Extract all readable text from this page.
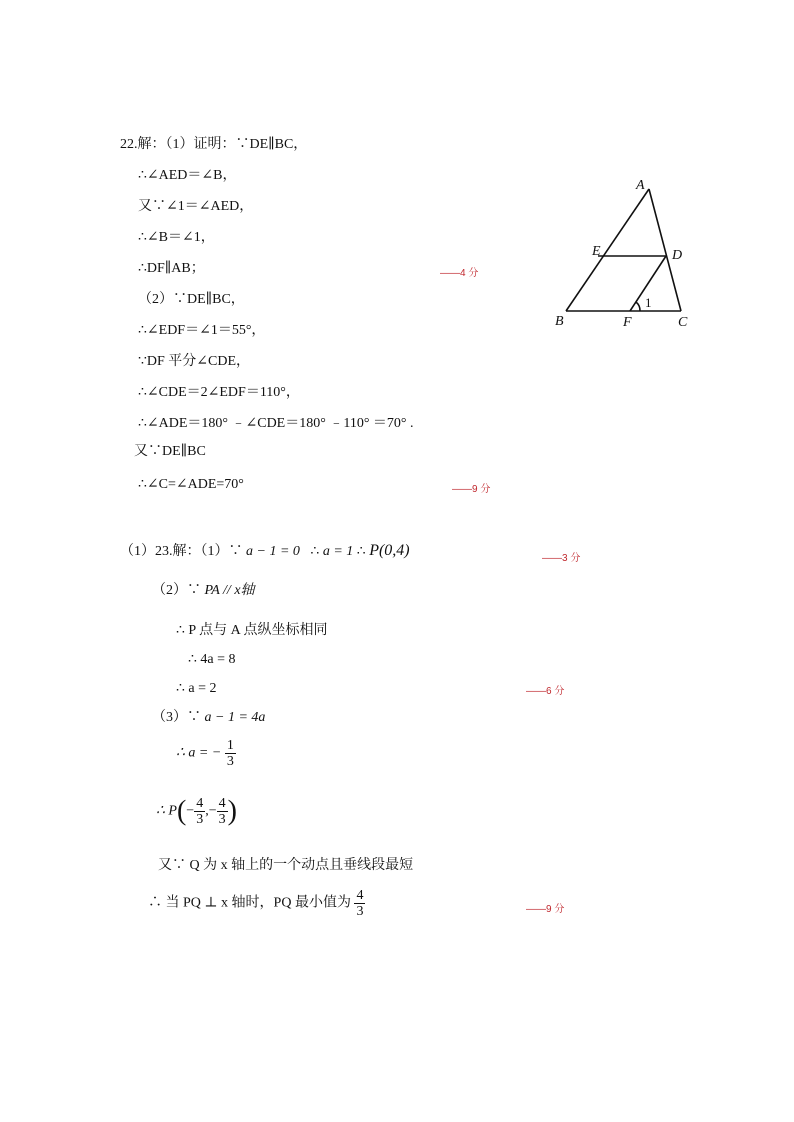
22.解：（1）证明：∵DE∥BC，
∴∠AED＝∠B，
又∵∠1＝∠AED，
∴∠B＝∠1，
∴DF∥AB；	——4 分
（2）∵DE∥BC，
∴∠EDF＝∠1＝55°，
∵DF 平分∠CDE，
∴∠CDE＝2∠EDF＝110°，
∴∠ADE＝180° ﹣∠CDE＝180° ﹣110° ＝70° .
又∵DE∥BC
∴∠C=∠ADE=70°	——9 分
A
E	D
B	F	C
1
（1）23.解：（1）∵ a − 1 = 0 ∴ a = 1 ∴ P(0,4)	——3 分
（2）∵ PA // x轴
∴ P 点与 A 点纵坐标相同
∴ 4a = 8
∴ a = 2	——6 分
（3）∵ a − 1 = 4a
∴ a = − $\frac{1}{3}$
∴ $P(- \frac{4}{3}$ ,− $\frac{4}{3}$ )
又∵ Q 为 x 轴上的一个动点且垂线段最短
∴ 当 PQ ⊥ x 轴时，PQ 最小值为 $\frac{4}{3}$	——9 分
